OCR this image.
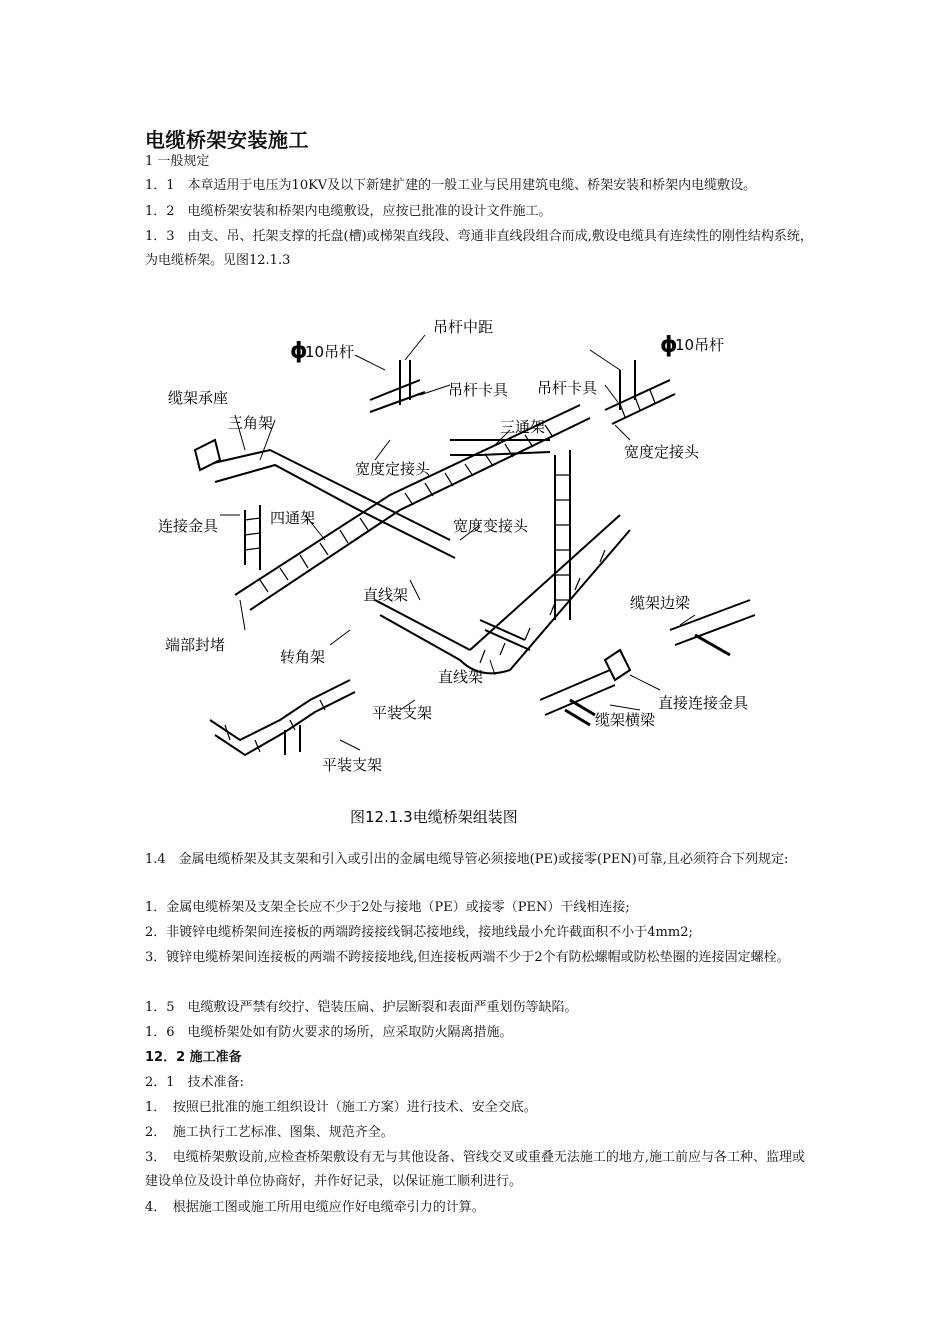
电缆桥架安装施工
1 一般规定
1．1　本章适用于电压为10KV及以下新建扩建的一般工业与民用建筑电缆、桥架安装和桥架内电缆敷设。
1．2　电缆桥架安装和桥架内电缆敷设，应按已批准的设计文件施工。
1．3　由支、吊、托架支撑的托盘(槽)或梯架直线段、弯通非直线段组合而成,敷设电缆具有连续性的刚性结构系统，为电缆桥架。见图12.1.3
ϕ	ϕ
10吊杆
吊杆中距
10吊杆
缆架承座	吊杆卡具 吊杆卡具
三角架	三通架
宽度定接头
宽度定接头
连接金具	四通架	宽度变接头
直线架	缆架边梁
端部封堵
转角架
直线架
直接连接金具
平装支架	缆架横梁
平装支架
图12.1.3电缆桥架组装图
1.4　金属电缆桥架及其支架和引入或引出的金属电缆导管必须接地(PE)或接零(PEN)可靠,且必须符合下列规定:
1．金属电缆桥架及支架全长应不少于2处与接地（PE）或接零（PEN）干线相连接;
2．非镀锌电缆桥架间连接板的两端跨接接线铜芯接地线，接地线最小允许截面积不小于4mm2;
3．镀锌电缆桥架间连接板的两端不跨接接地线,但连接板两端不少于2个有防松螺帽或防松垫圈的连接固定螺栓。
1．5　电缆敷设严禁有绞拧、铠装压扁、护层断裂和表面严重划伤等缺陷。
1．6　电缆桥架处如有防火要求的场所，应采取防火隔离措施。
12．2 施工准备
2．1　技术准备:
1．　按照已批准的施工组织设计（施工方案）进行技术、安全交底。
2．　施工执行工艺标准、图集、规范齐全。
3．　电缆桥架敷设前,应检查桥架敷设有无与其他设备、管线交叉或重叠无法施工的地方,施工前应与各工种、监理或建设单位及设计单位协商好，并作好记录，以保证施工顺利进行。
4．　根据施工图或施工所用电缆应作好电缆牵引力的计算。
